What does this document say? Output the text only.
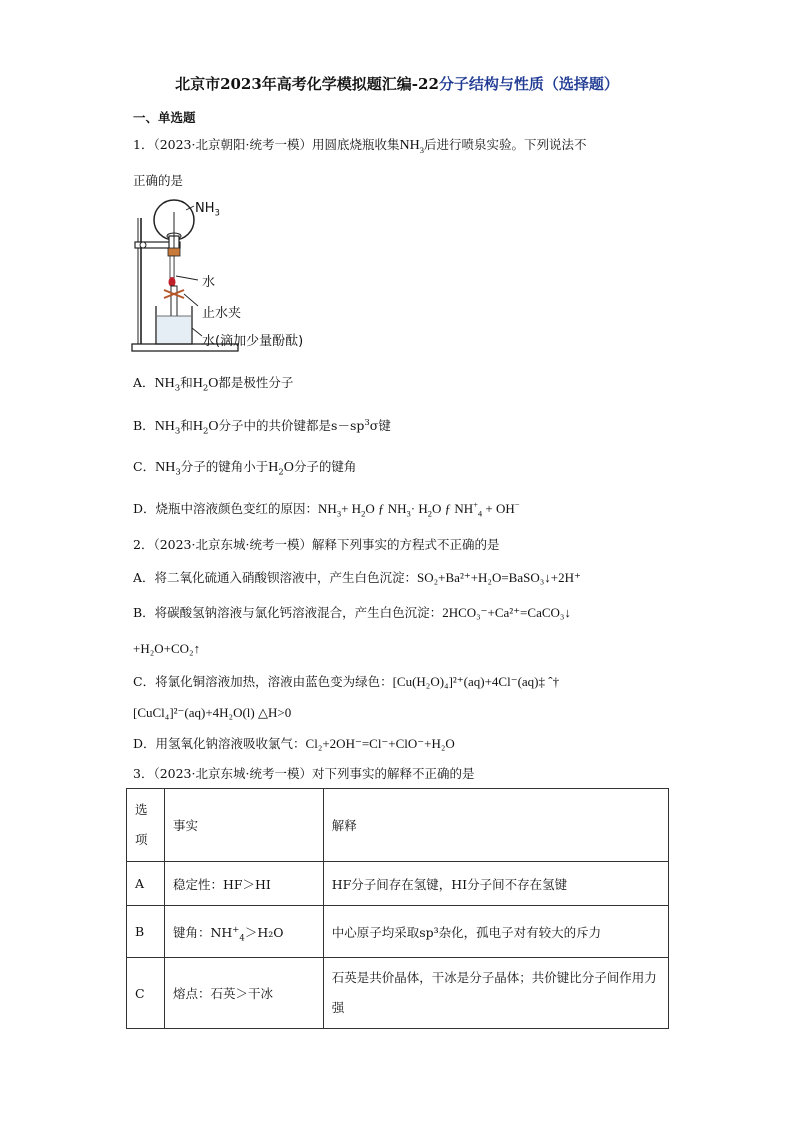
北京市2023年高考化学模拟题汇编-22分子结构与性质（选择题）
一、单选题
1．（2023·北京朝阳·统考一模）用圆底烧瓶收集$NH_3$后进行喷泉实验。下列说法不
正确的是
$NH_3$
水
止水夹
水(滴加少量酚酞)
A．$NH_3$和$H_2O$都是极性分子
B．$NH_3$和$H_2O$分子中的共价键都是$s-sp^3\sigma$键
C．$NH_3$分子的键角小于$H_2O$分子的键角
D．烧瓶中溶液颜色变红的原因：$NH_3+ H_2O$ ƒ $NH_3\cdot H_2O$ ƒ $NH^+_4 + OH^-$
2．（2023·北京东城·统考一模）解释下列事实的方程式不正确的是
A．将二氧化硫通入硝酸钡溶液中，产生白色沉淀：SO₂+Ba²⁺+H₂O=BaSO₃↓+2H⁺
B．将碳酸氢钠溶液与氯化钙溶液混合，产生白色沉淀：2HCO₃⁻+Ca²⁺=CaCO₃↓
+H₂O+CO₂↑
C．将氯化铜溶液加热，溶液由蓝色变为绿色：[Cu(H₂O)₄]²⁺(aq)+4Cl⁻(aq)‡ ˆ†
[CuCl₄]²⁻(aq)+4H₂O(l) △H>0
D．用氢氧化钠溶液吸收氯气：Cl₂+2OH⁻=Cl⁻+ClO⁻+H₂O
3．（2023·北京东城·统考一模）对下列事实的解释不正确的是
选
项	事实	解释
A	稳定性：HF＞HI	HF分子间存在氢键，HI分子间不存在氢键
B	键角：$NH^+_4>H_2O$	中心原子均采取sp³杂化，孤电子对有较大的斥力
C	熔点：石英＞干冰	石英是共价晶体，干冰是分子晶体；共价键比分子间作用力强
